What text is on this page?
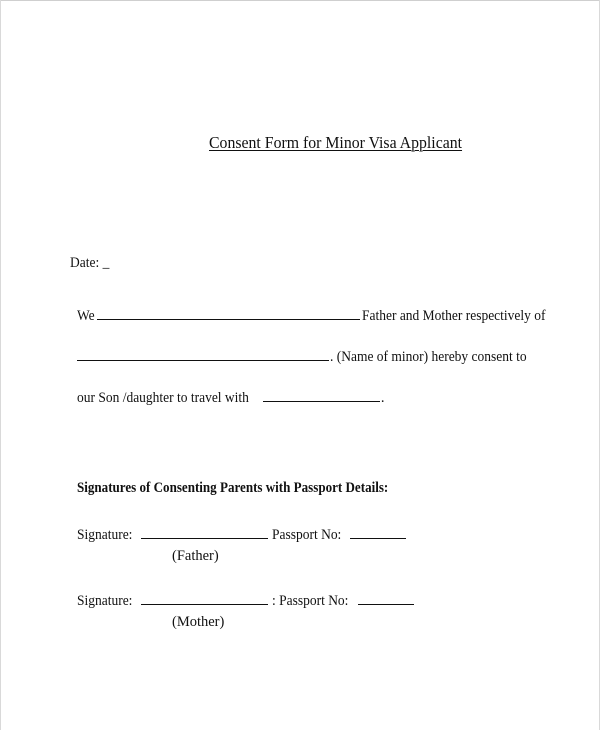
Consent Form for Minor Visa Applicant
Date: _
We	Father and Mother respectively of
. (Name of minor) hereby consent to
our Son /daughter to travel with	.
Signatures of Consenting Parents with Passport Details:
Signature:	Passport No:
(Father)
Signature:	: Passport No:
(Mother)
